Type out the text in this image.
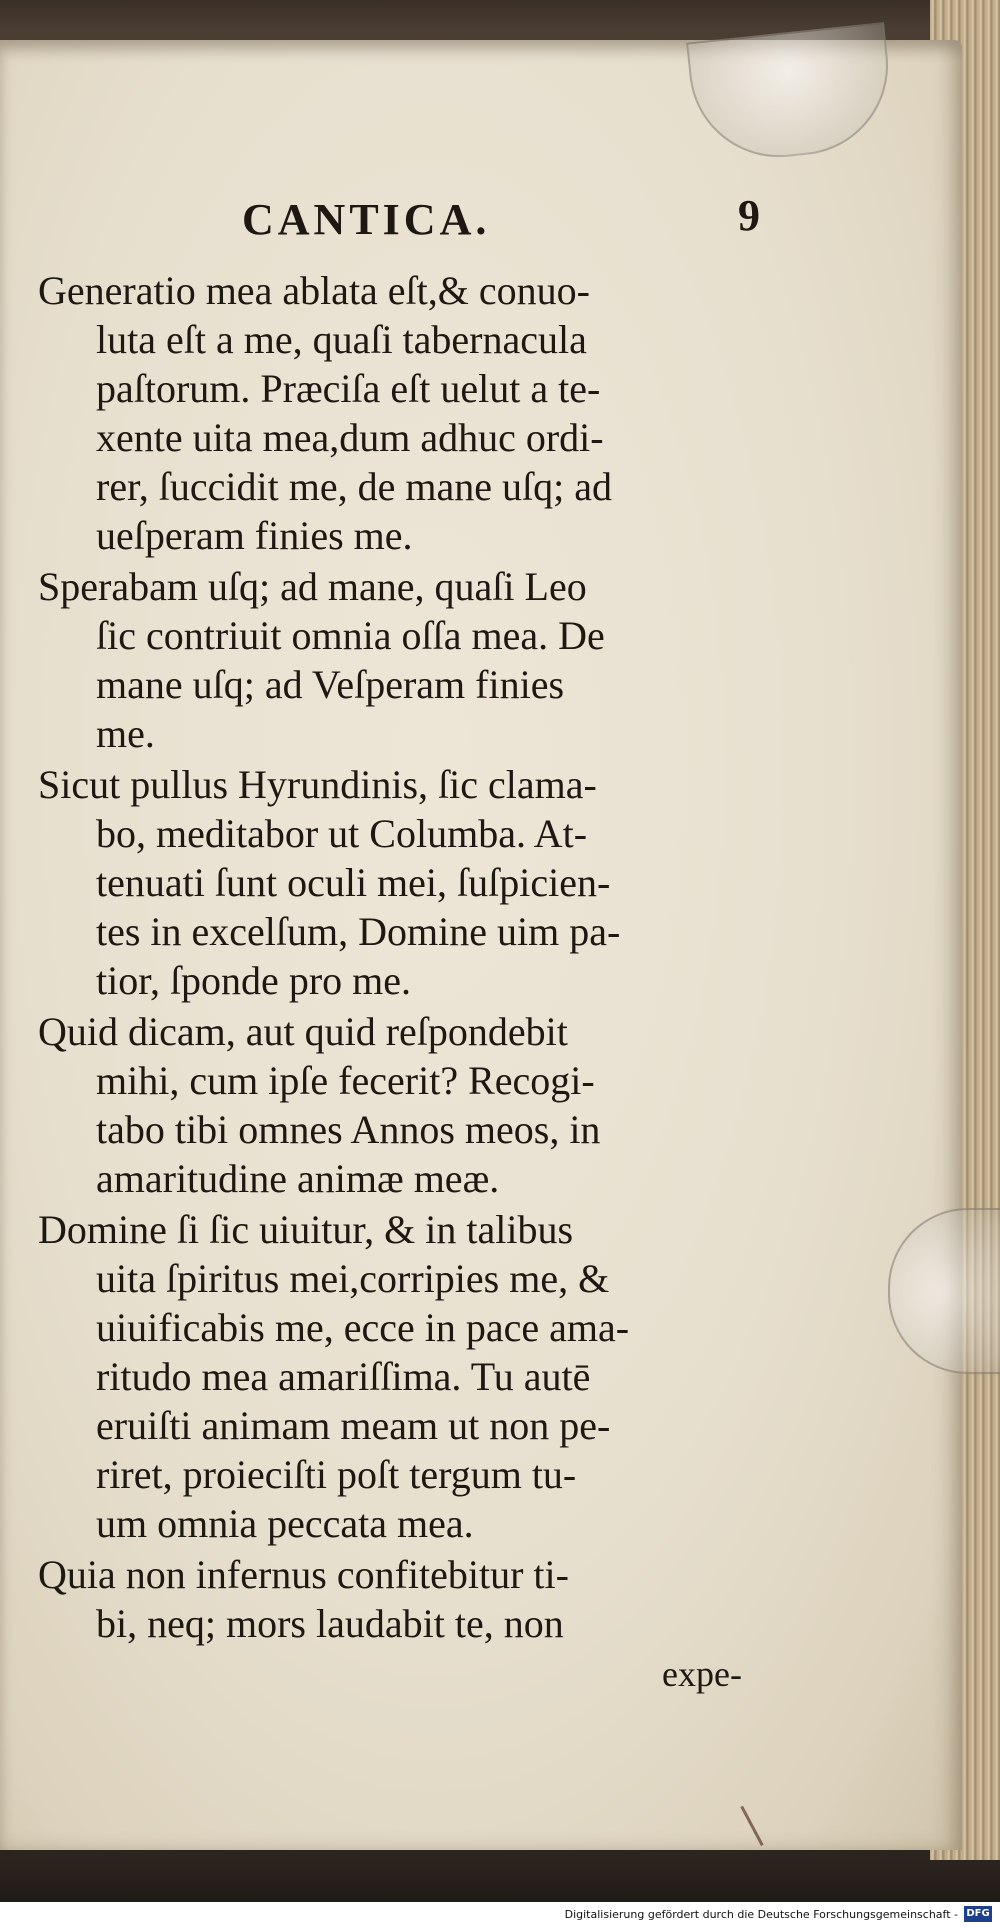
CANTICA.	9
Generatio mea ablata eſt,& conuo-
luta eſt a me, quaſi tabernacula
paſtorum. Præciſa eſt uelut a te-
xente uita mea,dum adhuc ordi-
rer, ſuccidit me, de mane uſq; ad
ueſperam finies me.
Sperabam uſq; ad mane, quaſi Leo
ſic contriuit omnia oſſa mea. De
mane uſq; ad Veſperam finies
me.
Sicut pullus Hyrundinis, ſic clama-
bo, meditabor ut Columba. At-
tenuati ſunt oculi mei, ſuſpicien-
tes in excelſum, Domine uim pa-
tior, ſponde pro me.
Quid dicam, aut quid reſpondebit
mihi, cum ipſe fecerit? Recogi-
tabo tibi omnes Annos meos, in
amaritudine animæ meæ.
Domine ſi ſic uiuitur, & in talibus
uita ſpiritus mei,corripies me, &
uiuificabis me, ecce in pace ama-
ritudo mea amariſſima. Tu autē
eruiſti animam meam ut non pe-
riret, proieciſti poſt tergum tu-
um omnia peccata mea.
Quia non infernus confitebitur ti-
bi, neq; mors laudabit te, non
expe-
Digitalisierung gefördert durch die Deutsche Forschungsgemeinschaft - DFG
